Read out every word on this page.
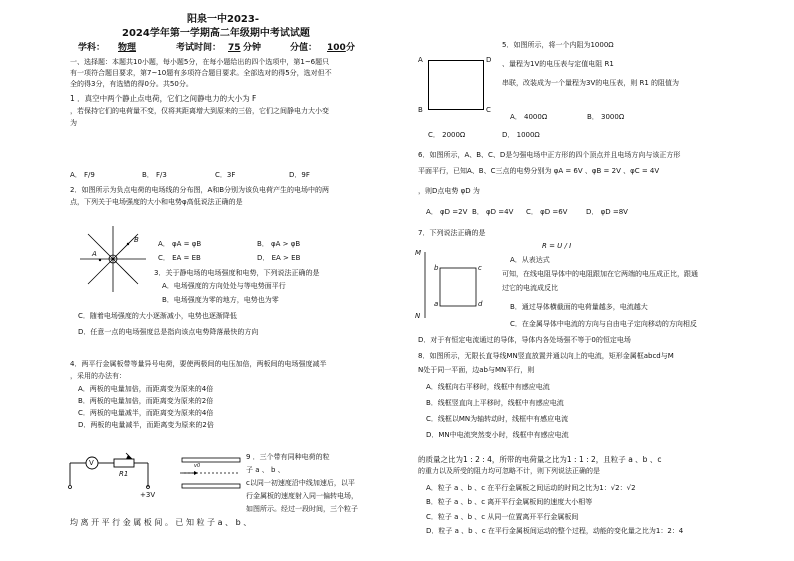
阳泉一中2023-
2024学年第一学期高二年级期中考试试题
学科： 物理	考试时间： 75 分钟	分值： 100 分
一、选择题：本题共10小题，每小题5分，在每小题给出的四个选项中，第1~6题只
有一项符合题目要求，第7~10题有多项符合题目要求。全部选对的得5分，选对但不
全的得3分，有选错的得0分。共50分。
1 ．真空中两个静止点电荷，它们之间静电力的大小为 F
，若保持它们的电荷量不变，仅将其距离增大到原来的三倍，它们之间静电力大小变
为
A． F/9	B． F/3	C．3F	D．9F
2．如图所示为负点电荷的电场线的分布图，A和B分别为该负电荷产生的电场中的两
点，下列关于电场强度的大小和电势φ高低说法正确的是
A
B	A． φA = φB	B． φA > φB
C． EA = EB	D． EA > EB
3．关于静电场的电场强度和电势，下列说法正确的是
A．电场强度的方向处处与等电势面平行
B．电场强度为零的地方，电势也为零
C．随着电场强度的大小逐渐减小，电势也逐渐降低
D．任意一点的电场强度总是指向该点电势降落最快的方向
4．两平行金属板带等量异号电荷，要使两极间的电压加倍，两板间的电场强度减半
，采用的办法有：
A．两板的电量加倍，而距离变为原来的4倍
B．两板的电量加倍，而距离变为原来的2倍
C．两板的电量减半，而距离变为原来的4倍
D．两板的电量减半，而距离变为原来的2倍
V
R1
+3V
v0
9 ．三个带有同种电荷的粒
子 a 、 b 、
c以同一初速度沿中线加速后，以平
行金属板的速度射入同一偏转电场，
如图所示。经过一段时间，三个粒子
均 离 开 平 行 金 属 板 间 。 已 知 粒 子 a 、 b 、
5．如图所示，将一个内阻为1000Ω
、量程为1V的电压表与定值电阻 R1
串联，改装成为一个量程为3V的电压表，则 R1 的阻值为
A	D
B	C
A． 4000Ω	B． 3000Ω
C． 2000Ω	D． 1000Ω
6．如图所示，A、B、C、D是匀强电场中正方形的四个顶点并且电场方向与该正方形
平面平行，已知A、B、C三点的电势分别为 φA = 6V 、φB = 2V 、φC = 4V
，则D点电势 φD 为
A． φD =2V B． φD =4V C． φD =6V	D． φD =8V
7．下列说法正确的是
R = U / I
M
N
a
b	c
d
A．从表达式
可知，在线电阻导体中的电阻跟加在它两端的电压成正比，跟通
过它的电流成反比
B．通过导体横截面的电荷量越多，电流越大
C．在金属导体中电流的方向与自由电子定向移动的方向相反
D．对于有恒定电流通过的导体，导体内各处场强不等于0的恒定电场
8．如图所示，无限长直导线MN竖直放置并通以向上的电流，矩形金属框abcd与M
N处于同一平面，边ab与MN平行，则
A．线框向右平移时，线框中有感应电流
B．线框竖直向上平移时，线框中有感应电流
C．线框以MN为轴转动时，线框中有感应电流
D．MN中电流突然变小时，线框中有感应电流
的质量之比为1 : 2 : 4，所带的电荷量之比为1 : 1 : 2，且粒子 a 、b 、c
的重力以及所受的阻力均可忽略不计，则下列说法正确的是
A．粒子 a 、b 、c 在平行金属板之间运动的时间之比为1：√2：√2
B．粒子 a 、b 、c 离开平行金属板间的速度大小相等
C．粒子 a 、b 、c 从同一位置离开平行金属板间
D．粒子 a 、b 、c 在平行金属板间运动的整个过程，动能的变化量之比为1：2：4
